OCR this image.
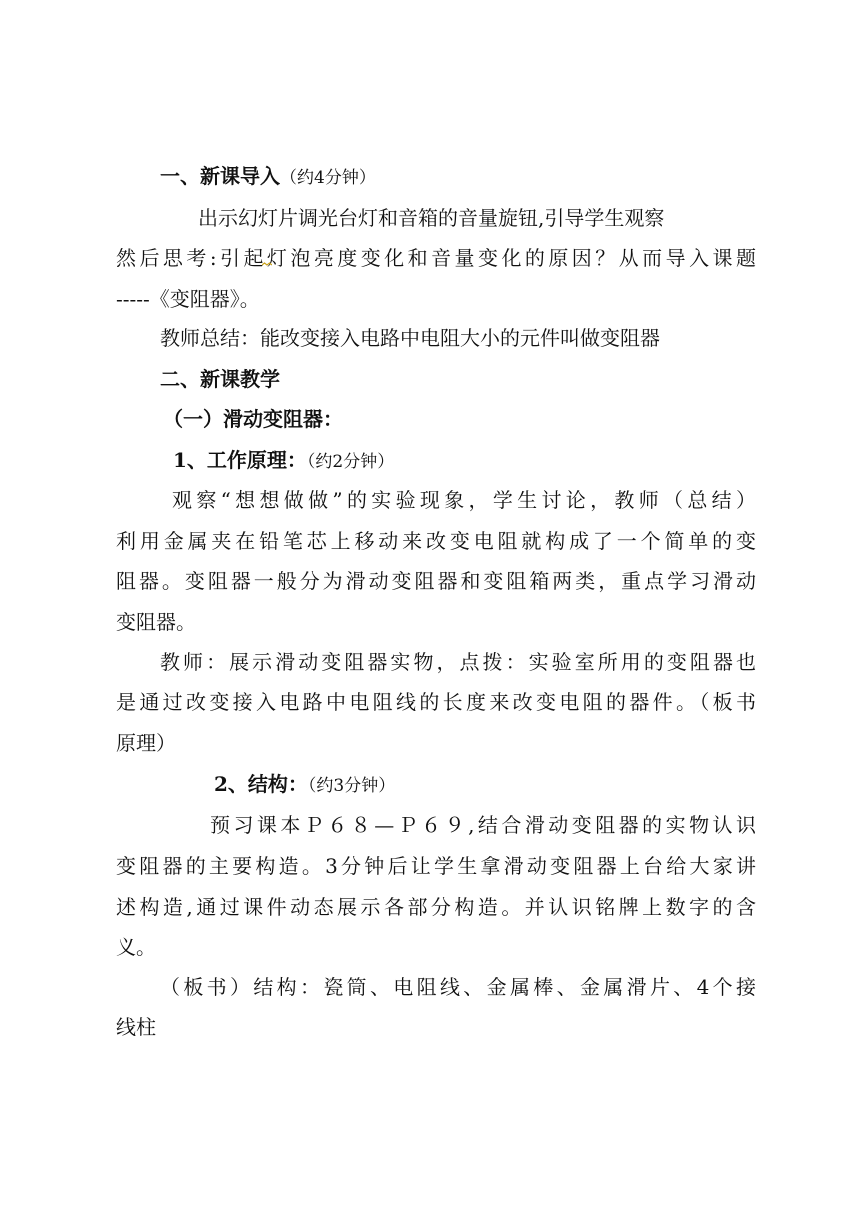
一、新课导入（约4分钟）
出示幻灯片调光台灯和音箱的音量旋钮,引导学生观察
然后思考:引起灯泡亮度变化和音量变化的原因？从而导入课题
-----《变阻器》。
教师总结：能改变接入电路中电阻大小的元件叫做变阻器
二、新课教学
（一）滑动变阻器：
1、工作原理：（约2分钟）
观察“想想做做”的实验现象，学生讨论，教师（总结）
利用金属夹在铅笔芯上移动来改变电阻就构成了一个简单的变
阻器。变阻器一般分为滑动变阻器和变阻箱两类，重点学习滑动
变阻器。
教师：展示滑动变阻器实物，点拨：实验室所用的变阻器也
是通过改变接入电路中电阻线的长度来改变电阻的器件。（板书
原理）
2、结构：（约3分钟）
预习课本Ｐ６８—Ｐ６９,结合滑动变阻器的实物认识
变阻器的主要构造。3分钟后让学生拿滑动变阻器上台给大家讲
述构造,通过课件动态展示各部分构造。并认识铭牌上数字的含
义。
（板书）结构：瓷筒、电阻线、金属棒、金属滑片、4个接
线柱
